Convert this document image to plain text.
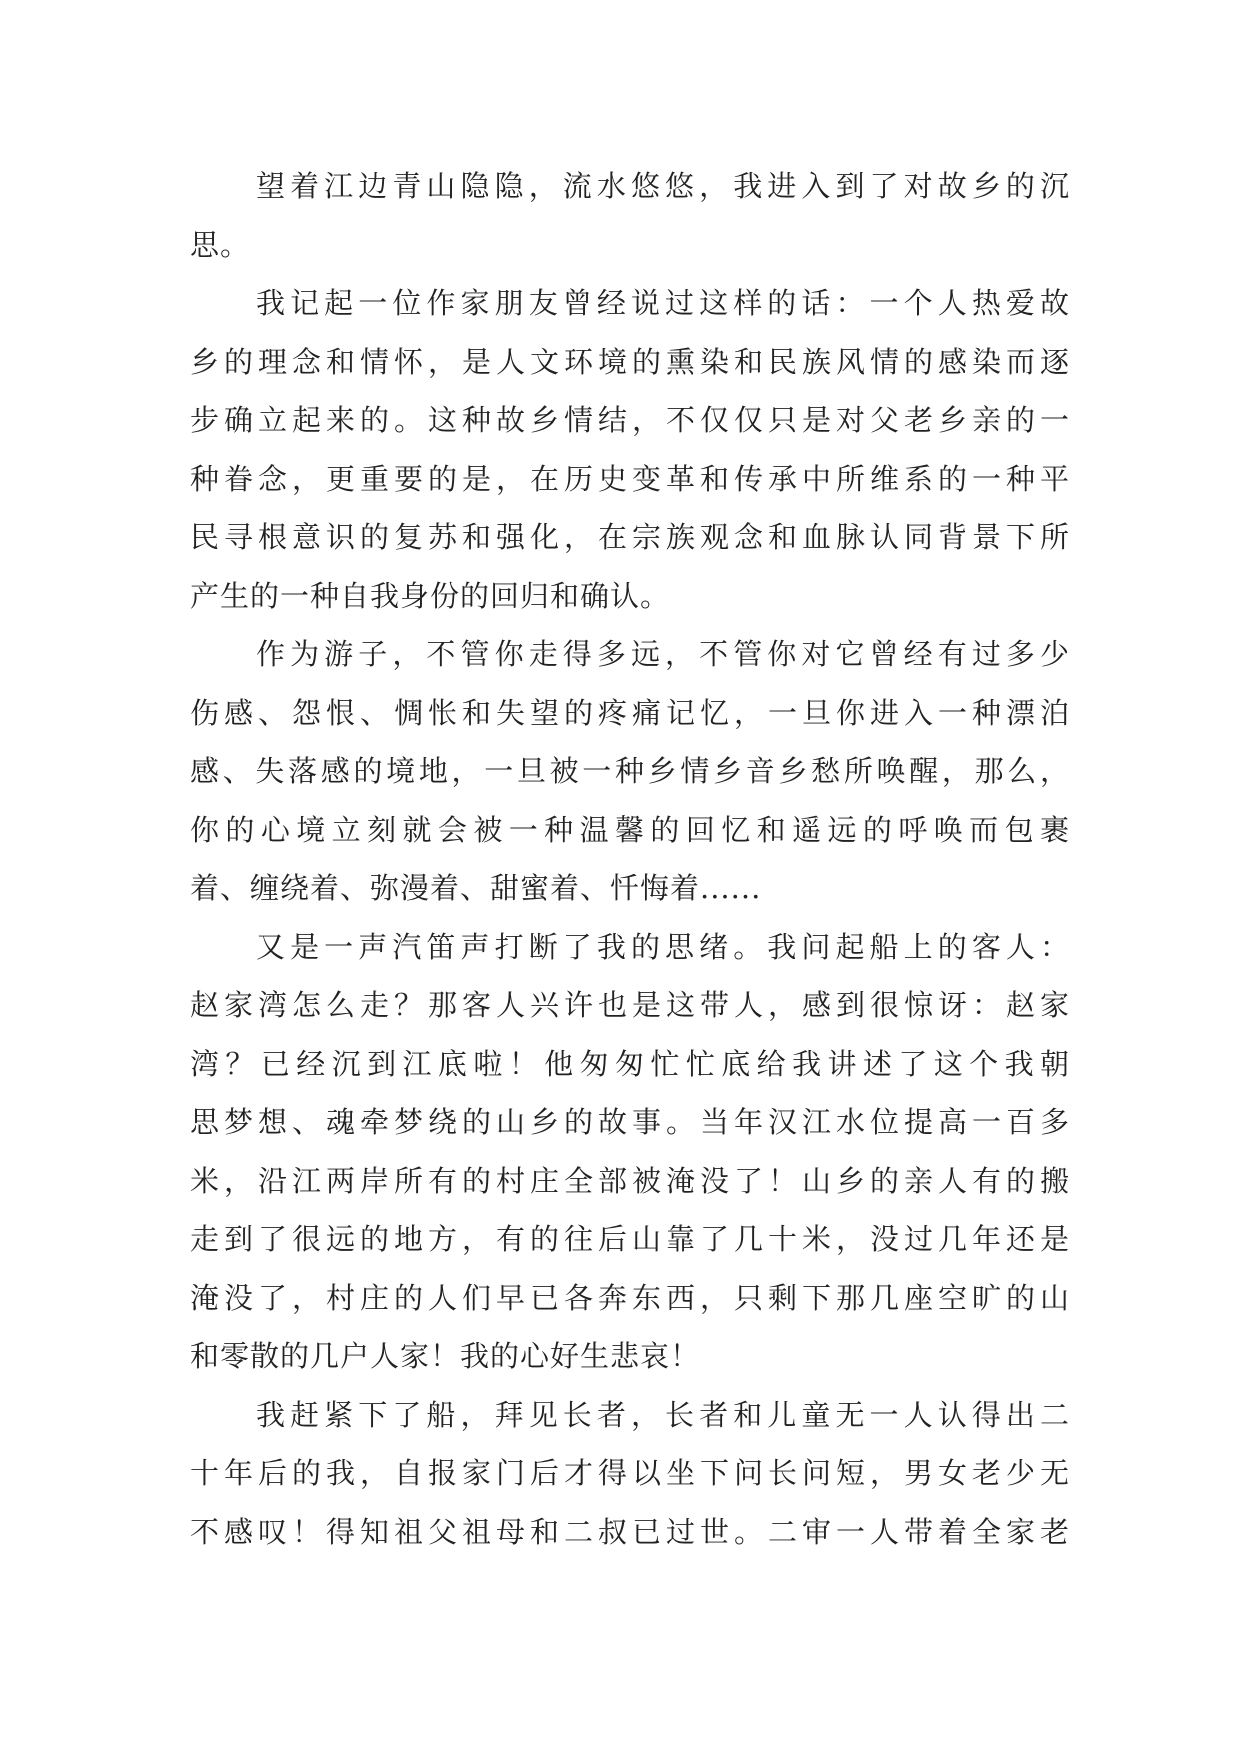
望着江边青山隐隐，流水悠悠，我进入到了对故乡的沉
思。
我记起一位作家朋友曾经说过这样的话：一个人热爱故
乡的理念和情怀，是人文环境的熏染和民族风情的感染而逐
步确立起来的。这种故乡情结，不仅仅只是对父老乡亲的一
种眷念，更重要的是，在历史变革和传承中所维系的一种平
民寻根意识的复苏和强化，在宗族观念和血脉认同背景下所
产生的一种自我身份的回归和确认。
作为游子，不管你走得多远，不管你对它曾经有过多少
伤感、怨恨、惆怅和失望的疼痛记忆，一旦你进入一种漂泊
感、失落感的境地，一旦被一种乡情乡音乡愁所唤醒，那么，
你的心境立刻就会被一种温馨的回忆和遥远的呼唤而包裹
着、缠绕着、弥漫着、甜蜜着、忏悔着......
又是一声汽笛声打断了我的思绪。我问起船上的客人：
赵家湾怎么走？那客人兴许也是这带人，感到很惊讶：赵家
湾？已经沉到江底啦！他匆匆忙忙底给我讲述了这个我朝
思梦想、魂牵梦绕的山乡的故事。当年汉江水位提高一百多
米，沿江两岸所有的村庄全部被淹没了！山乡的亲人有的搬
走到了很远的地方，有的往后山靠了几十米，没过几年还是
淹没了，村庄的人们早已各奔东西，只剩下那几座空旷的山
和零散的几户人家！我的心好生悲哀！
我赶紧下了船，拜见长者，长者和儿童无一人认得出二
十年后的我，自报家门后才得以坐下问长问短，男女老少无
不感叹！得知祖父祖母和二叔已过世。二审一人带着全家老
